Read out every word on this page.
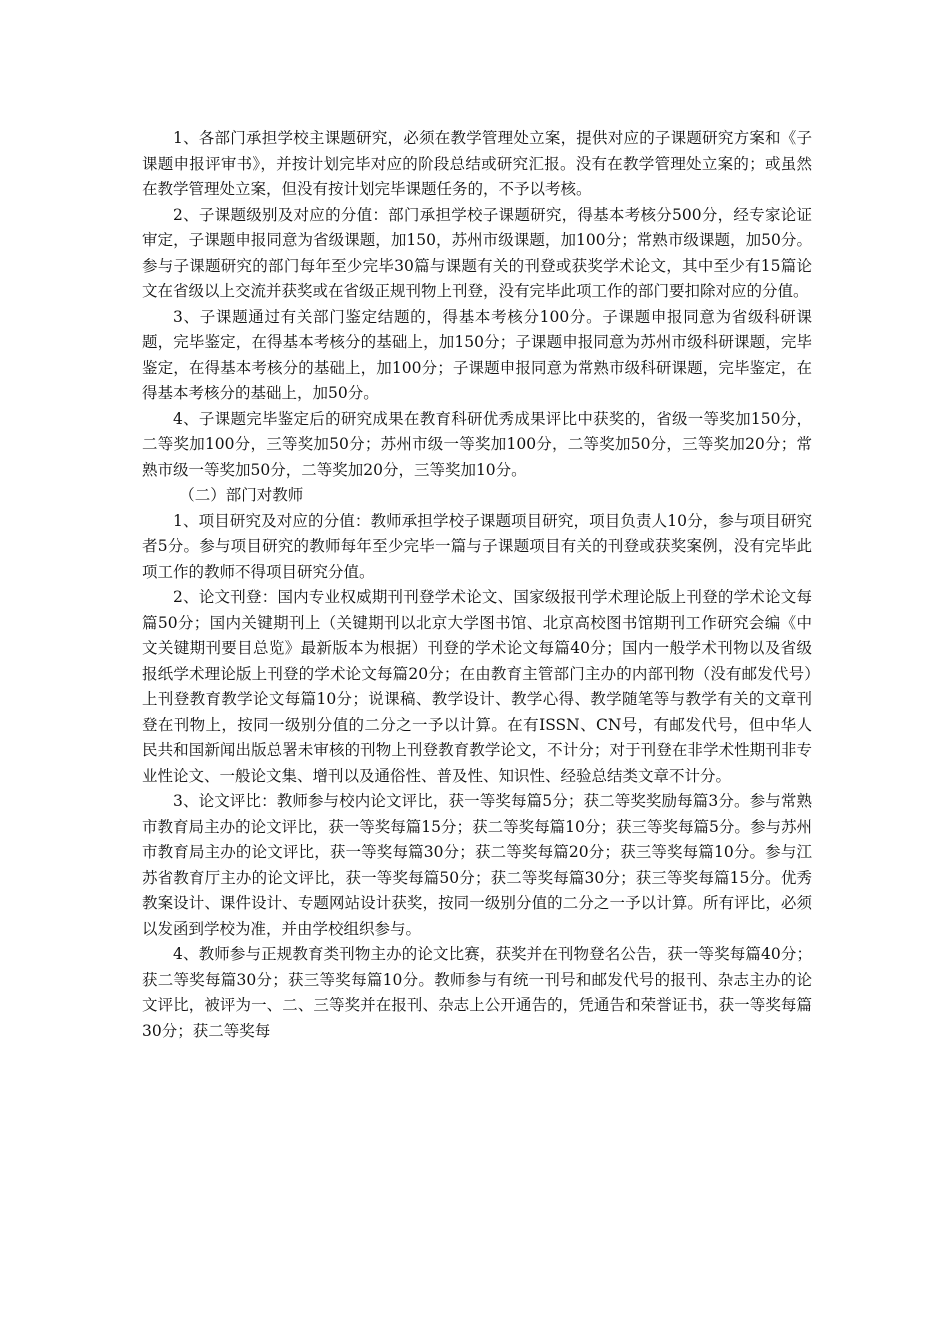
1、各部门承担学校主课题研究，必须在教学管理处立案，提供对应的子课题研究方案和《子课题申报评审书》，并按计划完毕对应的阶段总结或研究汇报。没有在教学管理处立案的；或虽然在教学管理处立案，但没有按计划完毕课题任务的，不予以考核。

2、子课题级别及对应的分值：部门承担学校子课题研究，得基本考核分500分，经专家论证审定，子课题申报同意为省级课题，加150，苏州市级课题，加100分；常熟市级课题，加50分。参与子课题研究的部门每年至少完毕30篇与课题有关的刊登或获奖学术论文，其中至少有15篇论文在省级以上交流并获奖或在省级正规刊物上刊登，没有完毕此项工作的部门要扣除对应的分值。

3、子课题通过有关部门鉴定结题的，得基本考核分100分。子课题申报同意为省级科研课题，完毕鉴定，在得基本考核分的基础上，加150分；子课题申报同意为苏州市级科研课题，完毕鉴定，在得基本考核分的基础上，加100分；子课题申报同意为常熟市级科研课题，完毕鉴定，在得基本考核分的基础上，加50分。

4、子课题完毕鉴定后的研究成果在教育科研优秀成果评比中获奖的，省级一等奖加150分，二等奖加100分，三等奖加50分；苏州市级一等奖加100分，二等奖加50分，三等奖加20分；常熟市级一等奖加50分，二等奖加20分，三等奖加10分。

（二）部门对教师

1、项目研究及对应的分值：教师承担学校子课题项目研究，项目负责人10分，参与项目研究者5分。参与项目研究的教师每年至少完毕一篇与子课题项目有关的刊登或获奖案例，没有完毕此项工作的教师不得项目研究分值。

2、论文刊登：国内专业权威期刊刊登学术论文、国家级报刊学术理论版上刊登的学术论文每篇50分；国内关键期刊上（关键期刊以北京大学图书馆、北京高校图书馆期刊工作研究会编《中文关键期刊要目总览》最新版本为根据）刊登的学术论文每篇40分；国内一般学术刊物以及省级报纸学术理论版上刊登的学术论文每篇20分；在由教育主管部门主办的内部刊物（没有邮发代号）上刊登教育教学论文每篇10分；说课稿、教学设计、教学心得、教学随笔等与教学有关的文章刊登在刊物上，按同一级别分值的二分之一予以计算。在有ISSN、CN号，有邮发代号，但中华人民共和国新闻出版总署未审核的刊物上刊登教育教学论文，不计分；对于刊登在非学术性期刊非专业性论文、一般论文集、增刊以及通俗性、普及性、知识性、经验总结类文章不计分。

3、论文评比：教师参与校内论文评比，获一等奖每篇5分；获二等奖奖励每篇3分。参与常熟市教育局主办的论文评比，获一等奖每篇15分；获二等奖每篇10分；获三等奖每篇5分。参与苏州市教育局主办的论文评比，获一等奖每篇30分；获二等奖每篇20分；获三等奖每篇10分。参与江苏省教育厅主办的论文评比，获一等奖每篇50分；获二等奖每篇30分；获三等奖每篇15分。优秀教案设计、课件设计、专题网站设计获奖，按同一级别分值的二分之一予以计算。所有评比，必须以发函到学校为准，并由学校组织参与。

4、教师参与正规教育类刊物主办的论文比赛，获奖并在刊物登名公告，获一等奖每篇40分；获二等奖每篇30分；获三等奖每篇10分。教师参与有统一刊号和邮发代号的报刊、杂志主办的论文评比，被评为一、二、三等奖并在报刊、杂志上公开通告的，凭通告和荣誉证书，获一等奖每篇30分；获二等奖每
